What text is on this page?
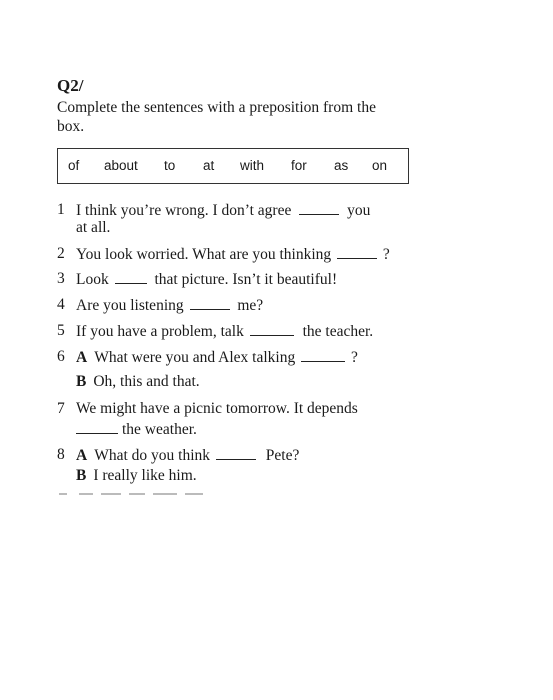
Q2/
Complete the sentences with a preposition from the box.
of about to at with for as on
1 I think you’re wrong. I don’t agree	you
at all.
2 You look worried. What are you thinking	?
3 Look	that picture. Isn’t it beautiful!
4 Are you listening	me?
5 If you have a problem, talk	the teacher.
6 A What were you and Alex talking	?
B Oh, this and that.
7 We might have a picnic tomorrow. It depends
the weather.
8 A What do you think	Pete?
B I really like him.
